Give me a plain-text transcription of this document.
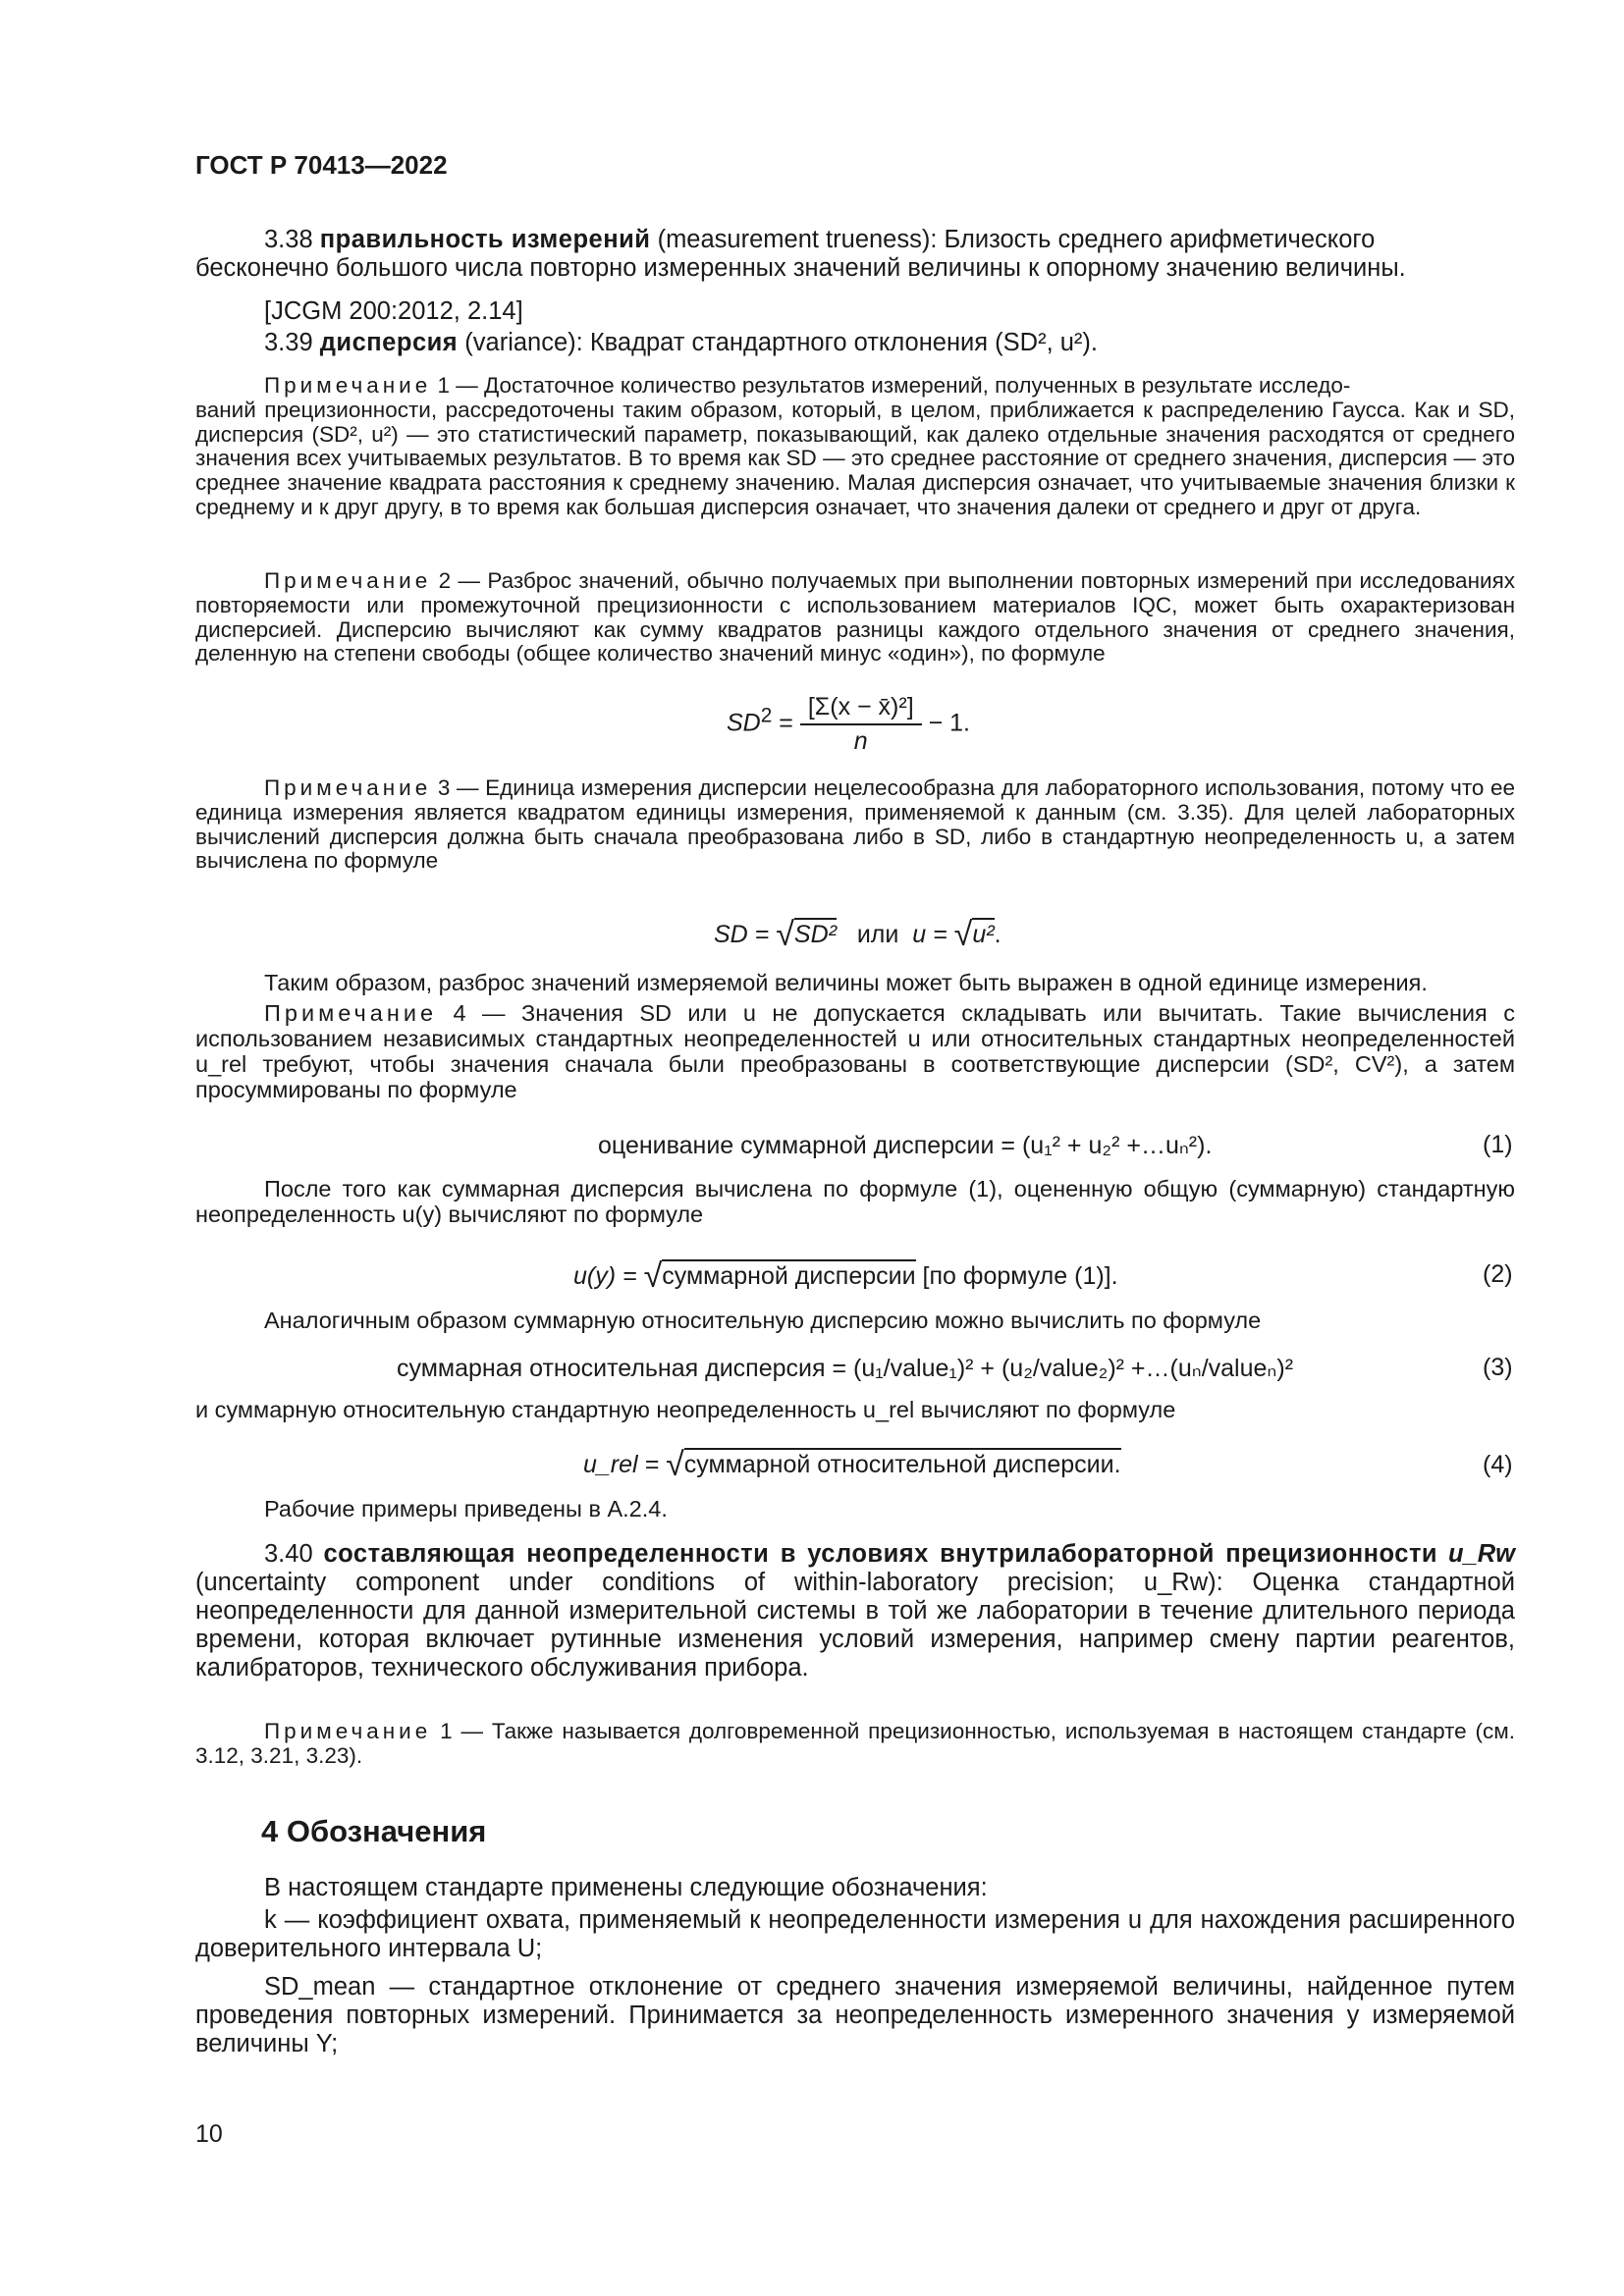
ГОСТ Р 70413—2022

3.38 правильность измерений (measurement trueness): Близость среднего арифметического
бесконечно большого числа повторно измеренных значений величины к опорному значению величины.

[JCGM 200:2012, 2.14]

3.39 дисперсия (variance): Квадрат стандартного отклонения (SD², u²).

Примечание 1 — Достаточное количество результатов измерений, полученных в результате исследо-
ваний прецизионности, рассредоточены таким образом, который, в целом, приближается к распределению Гаусса. Как и SD, дисперсия (SD², u²) — это статистический параметр, показывающий, как далеко отдельные значения расходятся от среднего значения всех учитываемых результатов. В то время как SD — это среднее расстояние от среднего значения, дисперсия — это среднее значение квадрата расстояния к среднему значению. Малая дисперсия означает, что учитываемые значения близки к среднему и к друг другу, в то время как большая дисперсия означает, что значения далеки от среднего и друг от друга.

Примечание 2 — Разброс значений, обычно получаемых при выполнении повторных измерений при исследованиях повторяемости или промежуточной прецизионности с использованием материалов IQC, может быть охарактеризован дисперсией. Дисперсию вычисляют как сумму квадратов разницы каждого отдельного значения от среднего значения, деленную на степени свободы (общее количество значений минус «один»), по формуле

$SD^2 = \frac{\text{[Σ(x − x̄)²]}}{n} - 1$.

Примечание 3 — Единица измерения дисперсии нецелесообразна для лабораторного использования, потому что ее единица измерения является квадратом единицы измерения, применяемой к данным (см. 3.35). Для целей лабораторных вычислений дисперсия должна быть сначала преобразована либо в SD, либо в стандартную неопределенность u, а затем вычислена по формуле

SD = √SD² или u = √u².

Таким образом, разброс значений измеряемой величины может быть выражен в одной единице измерения.

Примечание 4 — Значения SD или u не допускается складывать или вычитать. Такие вычисления с использованием независимых стандартных неопределенностей u или относительных стандартных неопределенностей u_rel требуют, чтобы значения сначала были преобразованы в соответствующие дисперсии (SD², CV²), а затем просуммированы по формуле

оценивание суммарной дисперсии = (u₁² + u₂² +…uₙ²).	(1)

После того как суммарная дисперсия вычислена по формуле (1), оцененную общую (суммарную) стандартную неопределенность u(y) вычисляют по формуле

u(y) = √суммарной дисперсии [по формуле (1)].	(2)

Аналогичным образом суммарную относительную дисперсию можно вычислить по формуле

суммарная относительная дисперсия = (u₁/value₁)² + (u₂/value₂)² +…(uₙ/valueₙ)²	(3)

и суммарную относительную стандартную неопределенность u_rel вычисляют по формуле

u_rel = √суммарной относительной дисперсии.	(4)

Рабочие примеры приведены в А.2.4.

3.40 составляющая неопределенности в условиях внутрилабораторной прецизионности u_Rw (uncertainty component under conditions of within-laboratory precision; u_Rw): Оценка стандартной неопределенности для данной измерительной системы в той же лаборатории в течение длительного периода времени, которая включает рутинные изменения условий измерения, например смену партии реагентов, калибраторов, технического обслуживания прибора.

Примечание 1 — Также называется долговременной прецизионностью, используемая в настоящем стандарте (см. 3.12, 3.21, 3.23).

4 Обозначения

В настоящем стандарте применены следующие обозначения:

k — коэффициент охвата, применяемый к неопределенности измерения u для нахождения расширенного доверительного интервала U;

SD_mean — стандартное отклонение от среднего значения измеряемой величины, найденное путем проведения повторных измерений. Принимается за неопределенность измеренного значения y измеряемой величины Y;

10
